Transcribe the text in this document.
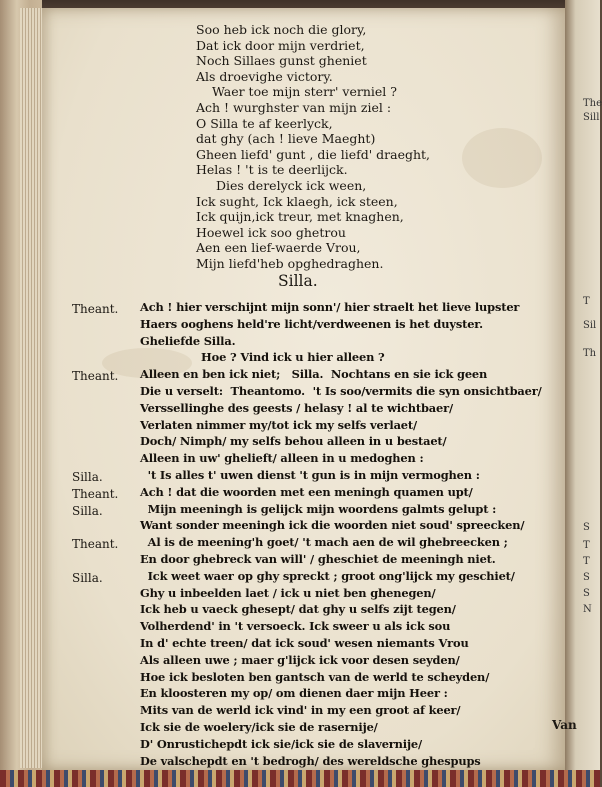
The
Sill
T
Sil
Th
S
T
T
S
S
N
Soo heb ick noch die glory,
Dat ick door mijn verdriet,
Noch Sillaes gunst gheniet
Als droevighe victory.
Waer toe mijn sterr' verniel ?
Ach ! wurghster van mijn ziel :
O Silla te af keerlyck,
dat ghy (ach ! lieve Maeght)
Gheen liefd' gunt , die liefd' draeght,
Helas ! 't is te deerlijck.
Dies derelyck ick ween,
Ick sught, Ick klaegh, ick steen,
Ick quijn,ick treur, met knaghen,
Hoewel ick soo ghetrou
Aen een lief-waerde Vrou,
Mijn liefd'heb opghedraghen.
Silla.
Theant. Ach ! hier verschijnt mijn sonn'/ hier straelt het lieve lupster
Haers ooghens held're licht/verdweenen is het duyster.
Gheliefde Silla.
Hoe ? Vind ick u hier alleen ?
Theant. Alleen en ben ick niet;   Silla.  Nochtans en sie ick geen
Die u verselt:  Theantomo.  't Is soo/vermits die syn onsichtbaer/
Verssellinghe des geests / helasy ! al te wichtbaer/
Verlaten nimmer my/tot ick my selfs verlaet/
Doch/ Nimph/ my selfs behou alleen in u bestaet/
Alleen in uw' ghelieft/ alleen in u medoghen :
Silla.	't Is alles t' uwen dienst 't gun is in mijn vermoghen :
Theant. Ach ! dat die woorden met een meningh quamen upt/
Silla.	Mijn meeningh is gelijck mijn woordens galmts gelupt :
Want sonder meeningh ick die woorden niet soud' spreecken/
Theant. Al is de meening'h goet/ 't mach aen de wil ghebreecken ;
En door ghebreck van will' / gheschiet de meeningh niet.
Silla.	Ick weet waer op ghy spreckt ; groot ong'lijck my geschiet/
Ghy u inbeelden laet / ick u niet ben ghenegen/
Ick heb u vaeck ghesept/ dat ghy u selfs zijt tegen/
Volherdend' in 't versoeck. Ick sweer u als ick sou
In d' echte treen/ dat ick soud' wesen niemants Vrou
Als alleen uwe ; maer g'lijck ick voor desen seyden/
Hoe ick besloten ben gantsch van de werld te scheyden/
En kloosteren my op/ om dienen daer mijn Heer :
Mits van de werld ick vind' in my een groot af keer/
Ick sie de woelery/ick sie de rasernije/
D' Onrustichepdt ick sie/ick sie de slavernije/
De valschepdt en 't bedrogh/ des wereldsche ghespups
Van
